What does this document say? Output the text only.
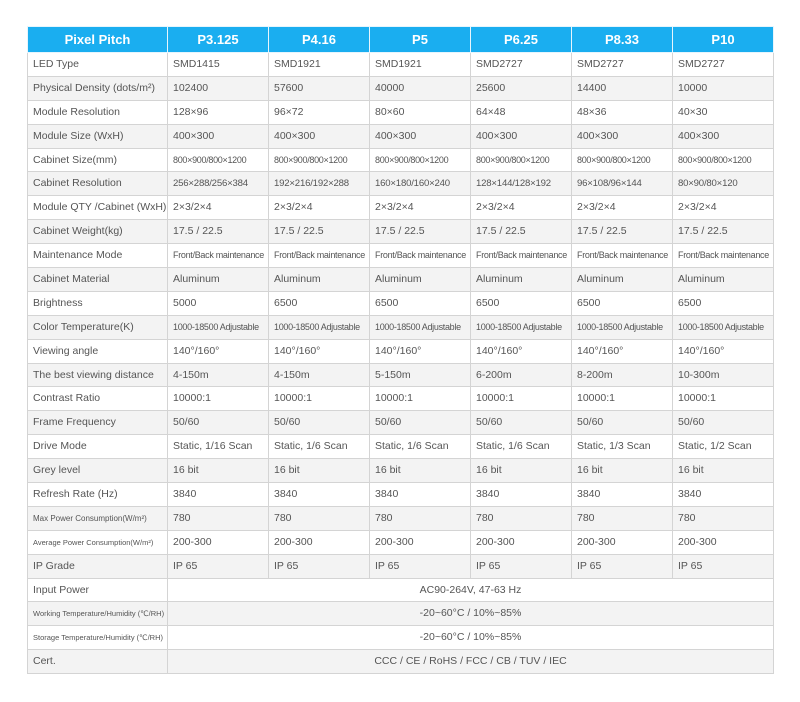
Pixel Pitch	P3.125	P4.16	P5	P6.25	P8.33	P10
LED Type	SMD1415	SMD1921	SMD1921	SMD2727	SMD2727	SMD2727
Physical Density (dots/m²)	102400	57600	40000	25600	14400	10000
Module Resolution	128×96	96×72	80×60	64×48	48×36	40×30
Module Size (WxH)	400×300	400×300	400×300	400×300	400×300	400×300
Cabinet Size(mm)	800×900/800×1200	800×900/800×1200	800×900/800×1200	800×900/800×1200	800×900/800×1200	800×900/800×1200
Cabinet Resolution	256×288/256×384	192×216/192×288	160×180/160×240	128×144/128×192	96×108/96×144	80×90/80×120
Module QTY /Cabinet (WxH)	2×3/2×4	2×3/2×4	2×3/2×4	2×3/2×4	2×3/2×4	2×3/2×4
Cabinet Weight(kg)	17.5 / 22.5	17.5 / 22.5	17.5 / 22.5	17.5 / 22.5	17.5 / 22.5	17.5 / 22.5
Maintenance Mode	Front/Back maintenance	Front/Back maintenance	Front/Back maintenance	Front/Back maintenance	Front/Back maintenance	Front/Back maintenance
Cabinet Material	Aluminum	Aluminum	Aluminum	Aluminum	Aluminum	Aluminum
Brightness	5000	6500	6500	6500	6500	6500
Color Temperature(K)	1000-18500 Adjustable	1000-18500 Adjustable	1000-18500 Adjustable	1000-18500 Adjustable	1000-18500 Adjustable	1000-18500 Adjustable
Viewing angle	140°/160°	140°/160°	140°/160°	140°/160°	140°/160°	140°/160°
The best viewing distance	4-150m	4-150m	5-150m	6-200m	8-200m	10-300m
Contrast Ratio	10000:1	10000:1	10000:1	10000:1	10000:1	10000:1
Frame Frequency	50/60	50/60	50/60	50/60	50/60	50/60
Drive Mode	Static, 1/16 Scan	Static, 1/6 Scan	Static, 1/6 Scan	Static, 1/6 Scan	Static, 1/3 Scan	Static, 1/2 Scan
Grey level	16 bit	16 bit	16 bit	16 bit	16 bit	16 bit
Refresh Rate (Hz)	3840	3840	3840	3840	3840	3840
Max Power Consumption(W/m²)	780	780	780	780	780	780
Average Power Consumption(W/m²)	200-300	200-300	200-300	200-300	200-300	200-300
IP Grade	IP 65	IP 65	IP 65	IP 65	IP 65	IP 65
Input Power	AC90-264V, 47-63 Hz					
Working Temperature/Humidity (℃/RH)	-20~60°C / 10%~85%					
Storage Temperature/Humidity (℃/RH)	-20~60°C / 10%~85%					
Cert.	CCC / CE / RoHS / FCC / CB / TUV / IEC					
